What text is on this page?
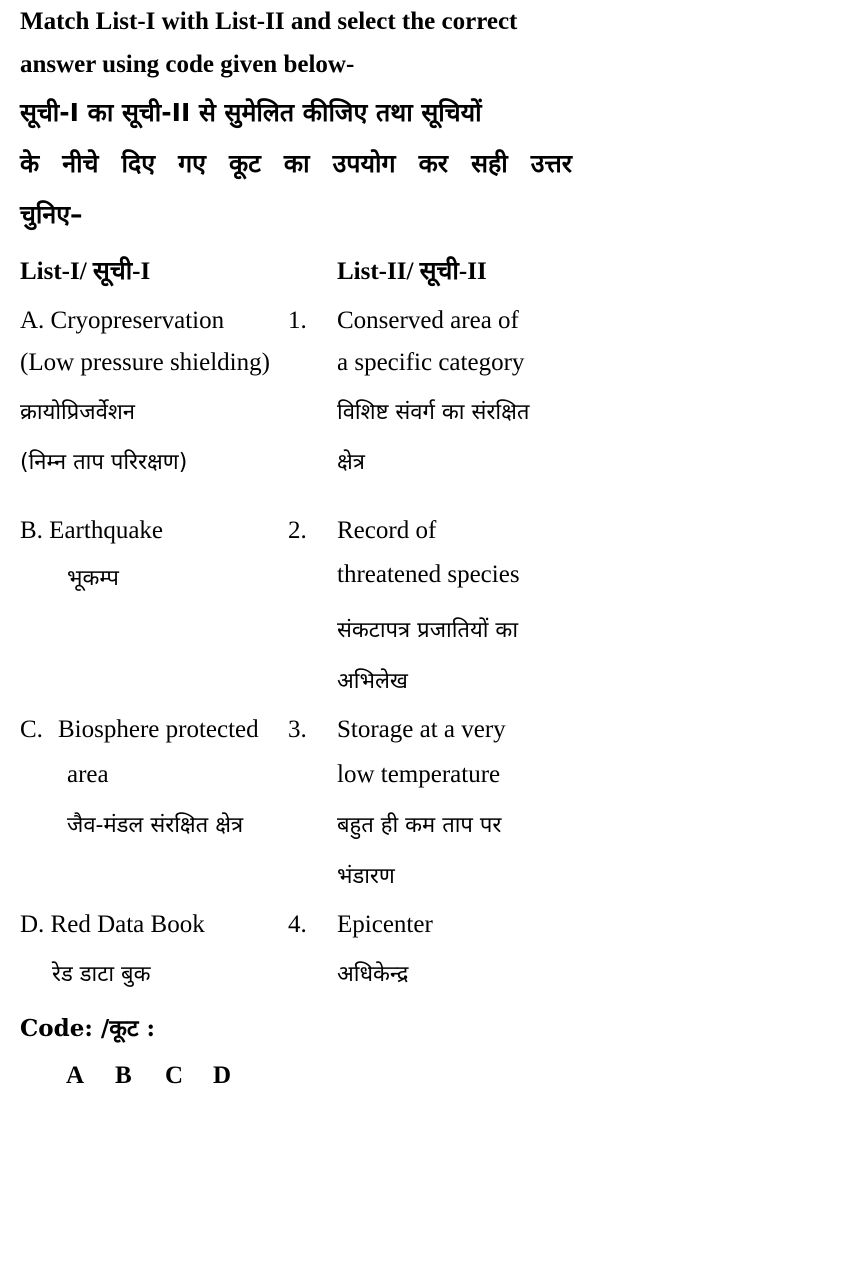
Match List-I with List-II and select the correct
answer using code given below-
सूची-I का सूची-II से सुमेलित कीजिए तथा सूचियों
के नीचे दिए गए कूट का उपयोग कर सही उत्तर
चुनिए–
List-I/ सूची-I	List-II/ सूची-II
A. Cryopreservation
(Low pressure shielding)
क्रायोप्रिजर्वेशन
(निम्न ताप परिरक्षण)
1. Conserved area of
a specific category
विशिष्ट संवर्ग का संरक्षित
क्षेत्र
B. Earthquake
भूकम्प
2. Record of
threatened species
संकटापत्र प्रजातियों का
अभिलेख
C. Biosphere protected
area
जैव-मंडल संरक्षित क्षेत्र
3. Storage at a very
low temperature
बहुत ही कम ताप पर
भंडारण
D. Red Data Book
रेड डाटा बुक
4. Epicenter
अधिकेन्द्र
Code: /कूट :
A B C D
